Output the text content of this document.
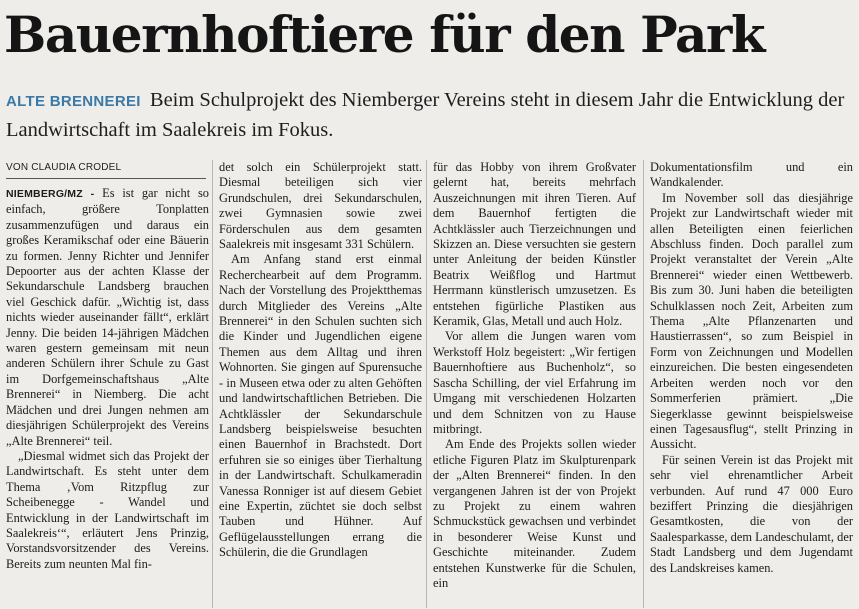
Bauernhoftiere für den Park
ALTE BRENNEREI Beim Schulprojekt des Niemberger Vereins steht in diesem Jahr die Entwicklung der Landwirtschaft im Saalekreis im Fokus.
VON CLAUDIA CRODEL

NIEMBERG/MZ - Es ist gar nicht so einfach, größere Tonplatten zusammenzufügen und daraus ein großes Keramikschaf oder eine Bäuerin zu formen. Jenny Richter und Jennifer Depoorter aus der achten Klasse der Sekundarschule Landsberg brauchen viel Geschick dafür. „Wichtig ist, dass nichts wieder auseinander fällt“, erklärt Jenny. Die beiden 14-jährigen Mädchen waren gestern gemeinsam mit neun anderen Schülern ihrer Schule zu Gast im Dorfgemeinschaftshaus „Alte Brennerei“ in Niemberg. Die acht Mädchen und drei Jungen nehmen am diesjährigen Schülerprojekt des Vereins „Alte Brennerei“ teil.

„Diesmal widmet sich das Projekt der Landwirtschaft. Es steht unter dem Thema ‚Vom Ritzpflug zur Scheibenegge - Wandel und Entwicklung in der Landwirtschaft im Saalekreis‘“, erläutert Jens Prinzig, Vorstandsvorsitzender des Vereins. Bereits zum neunten Mal fin-

det solch ein Schülerprojekt statt. Diesmal beteiligen sich vier Grundschulen, drei Sekundarschulen, zwei Gymnasien sowie zwei Förderschulen aus dem gesamten Saalekreis mit insgesamt 331 Schülern.

Am Anfang stand erst einmal Recherchearbeit auf dem Programm. Nach der Vorstellung des Projektthemas durch Mitglieder des Vereins „Alte Brennerei“ in den Schulen suchten sich die Kinder und Jugendlichen eigene Themen aus dem Alltag und ihren Wohnorten. Sie gingen auf Spurensuche - in Museen etwa oder zu alten Gehöften und landwirtschaftlichen Betrieben. Die Achtklässler der Sekundarschule Landsberg beispielsweise besuchten einen Bauernhof in Brachstedt. Dort erfuhren sie so einiges über Tierhaltung in der Landwirtschaft. Schulkameradin Vanessa Ronniger ist auf diesem Gebiet eine Expertin, züchtet sie doch selbst Tauben und Hühner. Auf Geflügelausstellungen errang die Schülerin, die die Grundlagen

für das Hobby von ihrem Großvater gelernt hat, bereits mehrfach Auszeichnungen mit ihren Tieren. Auf dem Bauernhof fertigten die Achtklässler auch Tierzeichnungen und Skizzen an. Diese versuchten sie gestern unter Anleitung der beiden Künstler Beatrix Weißflog und Hartmut Herrmann künstlerisch umzusetzen. Es entstehen figürliche Plastiken aus Keramik, Glas, Metall und auch Holz.

Vor allem die Jungen waren vom Werkstoff Holz begeistert: „Wir fertigen Bauernhoftiere aus Buchenholz“, so Sascha Schilling, der viel Erfahrung im Umgang mit verschiedenen Holzarten und dem Schnitzen von zu Hause mitbringt.

Am Ende des Projekts sollen wieder etliche Figuren Platz im Skulpturenpark der „Alten Brennerei“ finden. In den vergangenen Jahren ist der von Projekt zu Projekt zu einem wahren Schmuckstück gewachsen und verbindet in besonderer Weise Kunst und Geschichte miteinander. Zudem entstehen Kunstwerke für die Schulen, ein

Dokumentationsfilm und ein Wandkalender.

Im November soll das diesjährige Projekt zur Landwirtschaft wieder mit allen Beteiligten einen feierlichen Abschluss finden. Doch parallel zum Projekt veranstaltet der Verein „Alte Brennerei“ wieder einen Wettbewerb. Bis zum 30. Juni haben die beteiligten Schulklassen noch Zeit, Arbeiten zum Thema „Alte Pflanzenarten und Haustierrassen“, so zum Beispiel in Form von Zeichnungen und Modellen einzureichen. Die besten eingesendeten Arbeiten werden noch vor den Sommerferien prämiert. „Die Siegerklasse gewinnt beispielsweise einen Tagesausflug“, stellt Prinzing in Aussicht.

Für seinen Verein ist das Projekt mit sehr viel ehrenamtlicher Arbeit verbunden. Auf rund 47 000 Euro beziffert Prinzing die diesjährigen Gesamtkosten, die von der Saalesparkasse, dem Landeschulamt, der Stadt Landsberg und dem Jugendamt des Landskreises kamen.
